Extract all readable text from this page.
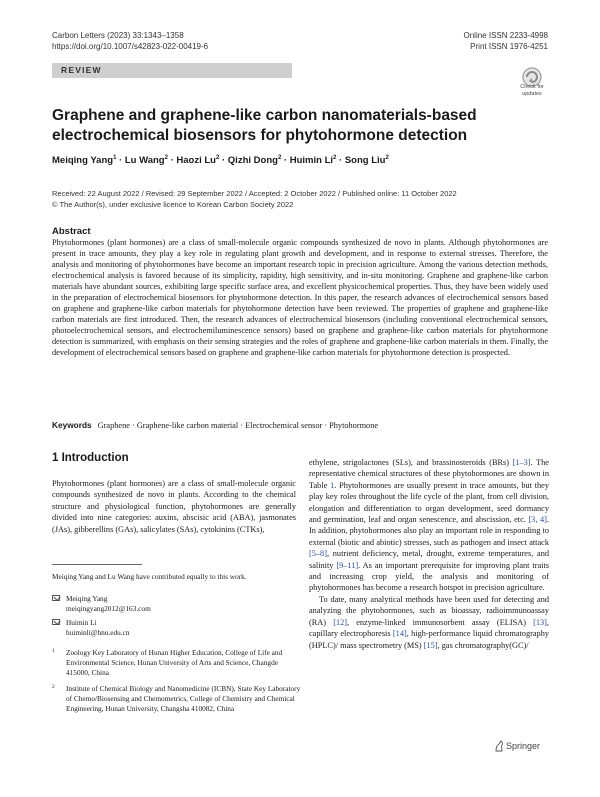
Carbon Letters (2023) 33:1343–1358
https://doi.org/10.1007/s42823-022-00419-6
Online ISSN 2233-4998
Print ISSN 1976-4251
REVIEW
Check for
updates
Graphene and graphene-like carbon nanomaterials-based electrochemical biosensors for phytohormone detection
Meiqing Yang$^1$ · Lu Wang$^2$ · Haozi $Lu^2$ · Qizhi Dong$^2$ · Huimin $Li^2$ · Song Liu$^2$
Received: 22 August 2022 / Revised: 29 September 2022 / Accepted: 2 October 2022 / Published online: 11 October 2022
© The Author(s), under exclusive licence to Korean Carbon Society 2022
Abstract
Phytohormones (plant hormones) are a class of small-molecule organic compounds synthesized de novo in plants. Although phytohormones are present in trace amounts, they play a key role in regulating plant growth and development, and in response to external stresses. Therefore, the analysis and monitoring of phytohormones have become an important research topic in precision agriculture. Among the various detection methods, electrochemical analysis is favored because of its simplicity, rapidity, high sensitivity, and in-situ monitoring. Graphene and graphene-like carbon materials have abundant sources, exhibiting large specific surface area, and excellent physicochemical properties. Thus, they have been widely used in the preparation of electrochemical biosensors for phytohormone detection. In this paper, the research advances of electrochemical sensors based on graphene and graphene-like carbon materials for phytohormone detection have been reviewed. The properties of graphene and graphene-like carbon materials are first introduced. Then, the research advances of electrochemical biosensors (including conventional electrochemical sensors, photoelectrochemical sensors, and electrochemiluminescence sensors) based on graphene and graphene-like carbon materials for phytohormone detection is summarized, with emphasis on their sensing strategies and the roles of graphene and graphene-like carbon materials in them. Finally, the development of electrochemical sensors based on graphene and graphene-like carbon materials for phytohormone detection is prospected.
Keywords Graphene · Graphene-like carbon material · Electrochemical sensor · Phytohormone
1 Introduction
Phytohormones (plant hormones) are a class of small-molecule organic compounds synthesized de novo in plants. According to the chemical structure and physiological function, phytohormones are generally divided into nine categories: auxins, abscisic acid (ABA), jasmonates (JAs), gibberellins (GAs), salicylates (SAs), cytokinins (CTKs),

ethylene, strigolactones (SLs), and brassinosteroids (BRs) [1–3]. The representative chemical structures of these phytohormones are shown in Table 1. Phytohormones are usually present in trace amounts, but they play key roles throughout the life cycle of the plant, from cell division, elongation and differentiation to organ development, seed dormancy and germination, leaf and organ senescence, and abscission, etc. [3, 4]. In addition, phytohormones also play an important role in responding to external (biotic and abiotic) stresses, such as pathogen and insect attack [5–8], nutrient deficiency, metal, drought, extreme temperatures, and salinity [9–11]. As an important prerequisite for improving plant traits and increasing crop yield, the analysis and monitoring of phytohormones has become a research hotspot in precision agriculture.

To date, many analytical methods have been used for detecting and analyzing the phytohormones, such as bioassay, radioimmunoassay (RA) [12], enzyme-linked immunosorbent assay (ELISA) [13], capillary electrophoresis [14], high-performance liquid chromatography (HPLC)/ mass spectrometry (MS) [15], gas chromatography(GC)/

Meiqing Yang and Lu Wang have contributed equally to this work.
Meiqing Yang
meiqingyang2012@163.com
Huimin Li
huiminli@hnu.edu.cn
1 Zoology Key Laboratory of Hunan Higher Education, College of Life and Environmental Science, Hunan University of Arts and Science, Changde 415000, China
2 Institute of Chemical Biology and Nanomedicine (ICBN), State Key Laboratory of Chemo/Biosensing and Chemometrics, College of Chemistry and Chemical Engineering, Hunan University, Changsha 410082, China
Springer
